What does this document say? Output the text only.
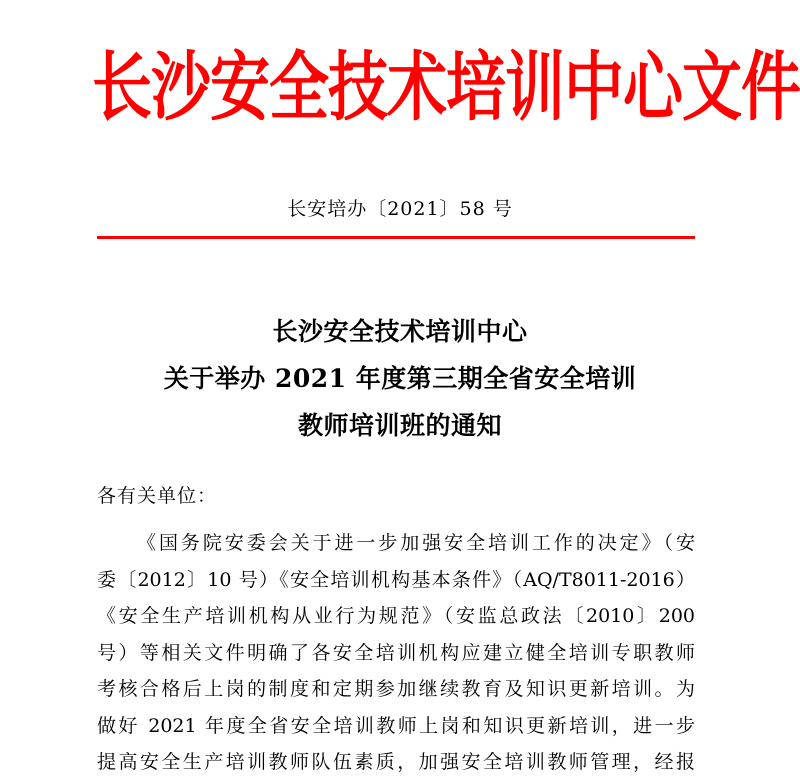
长沙安全技术培训中心文件
长安培办〔2021〕58 号
长沙安全技术培训中心
关于举办 2021 年度第三期全省安全培训
教师培训班的通知
各有关单位：
《国务院安委会关于进一步加强安全培训工作的决定》（安
委〔2012〕10 号）《安全培训机构基本条件》（AQ/T8011-2016）
《安全生产培训机构从业行为规范》（安监总政法〔2010〕200
号）等相关文件明确了各安全培训机构应建立健全培训专职教师
考核合格后上岗的制度和定期参加继续教育及知识更新培训。为
做好 2021 年度全省安全培训教师上岗和知识更新培训，进一步
提高安全生产培训教师队伍素质，加强安全培训教师管理，经报
